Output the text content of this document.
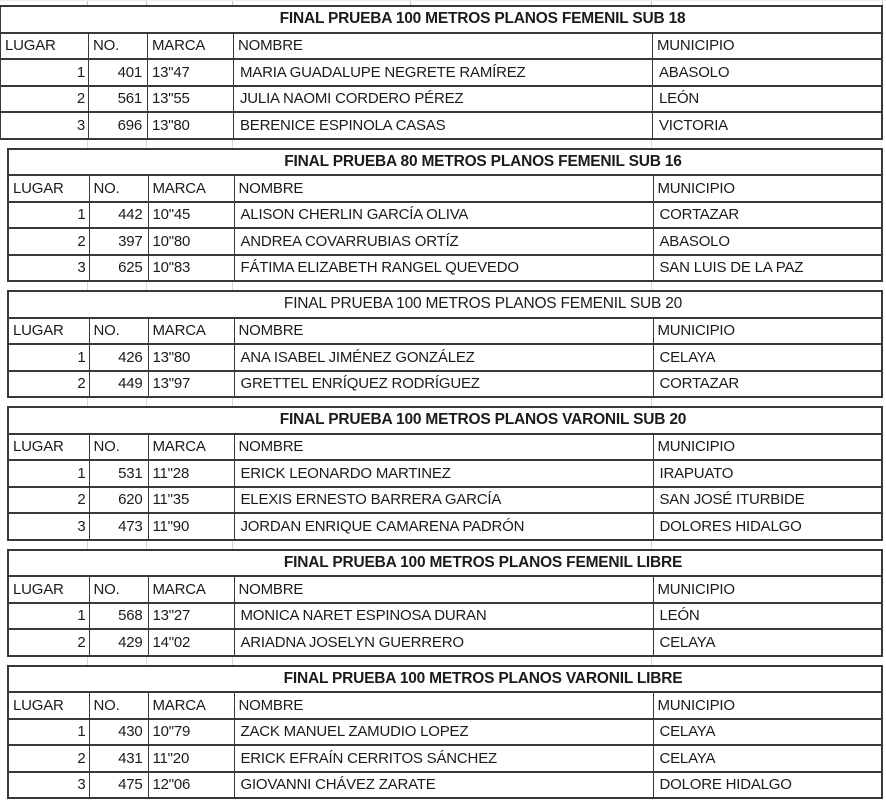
FINAL PRUEBA 100 METROS PLANOS FEMENIL SUB 18				
LUGAR	NO.	MARCA	NOMBRE	MUNICIPIO
1	401	13"47	MARIA GUADALUPE NEGRETE RAMÍREZ	ABASOLO
2	561	13"55	JULIA NAOMI CORDERO PÉREZ	LEÓN
3	696	13"80	BERENICE ESPINOLA CASAS	VICTORIA
FINAL PRUEBA 80 METROS PLANOS FEMENIL SUB 16				
LUGAR	NO.	MARCA	NOMBRE	MUNICIPIO
1	442	10"45	ALISON CHERLIN GARCÍA OLIVA	CORTAZAR
2	397	10"80	ANDREA COVARRUBIAS ORTÍZ	ABASOLO
3	625	10"83	FÁTIMA ELIZABETH RANGEL QUEVEDO	SAN LUIS DE LA PAZ
FINAL PRUEBA 100 METROS PLANOS FEMENIL SUB 20				
LUGAR	NO.	MARCA	NOMBRE	MUNICIPIO
1	426	13"80	ANA ISABEL JIMÉNEZ GONZÁLEZ	CELAYA
2	449	13"97	GRETTEL ENRÍQUEZ RODRÍGUEZ	CORTAZAR
FINAL PRUEBA 100 METROS PLANOS VARONIL SUB 20				
LUGAR	NO.	MARCA	NOMBRE	MUNICIPIO
1	531	11"28	ERICK LEONARDO MARTINEZ	IRAPUATO
2	620	11"35	ELEXIS ERNESTO BARRERA GARCÍA	SAN JOSÉ ITURBIDE
3	473	11"90	JORDAN ENRIQUE CAMARENA PADRÓN	DOLORES HIDALGO
FINAL PRUEBA 100 METROS PLANOS FEMENIL LIBRE				
LUGAR	NO.	MARCA	NOMBRE	MUNICIPIO
1	568	13"27	MONICA NARET ESPINOSA DURAN	LEÓN
2	429	14"02	ARIADNA JOSELYN GUERRERO	CELAYA
FINAL PRUEBA 100 METROS PLANOS VARONIL LIBRE				
LUGAR	NO.	MARCA	NOMBRE	MUNICIPIO
1	430	10"79	ZACK MANUEL ZAMUDIO LOPEZ	CELAYA
2	431	11"20	ERICK EFRAÍN CERRITOS SÁNCHEZ	CELAYA
3	475	12"06	GIOVANNI CHÁVEZ ZARATE	DOLORE HIDALGO
